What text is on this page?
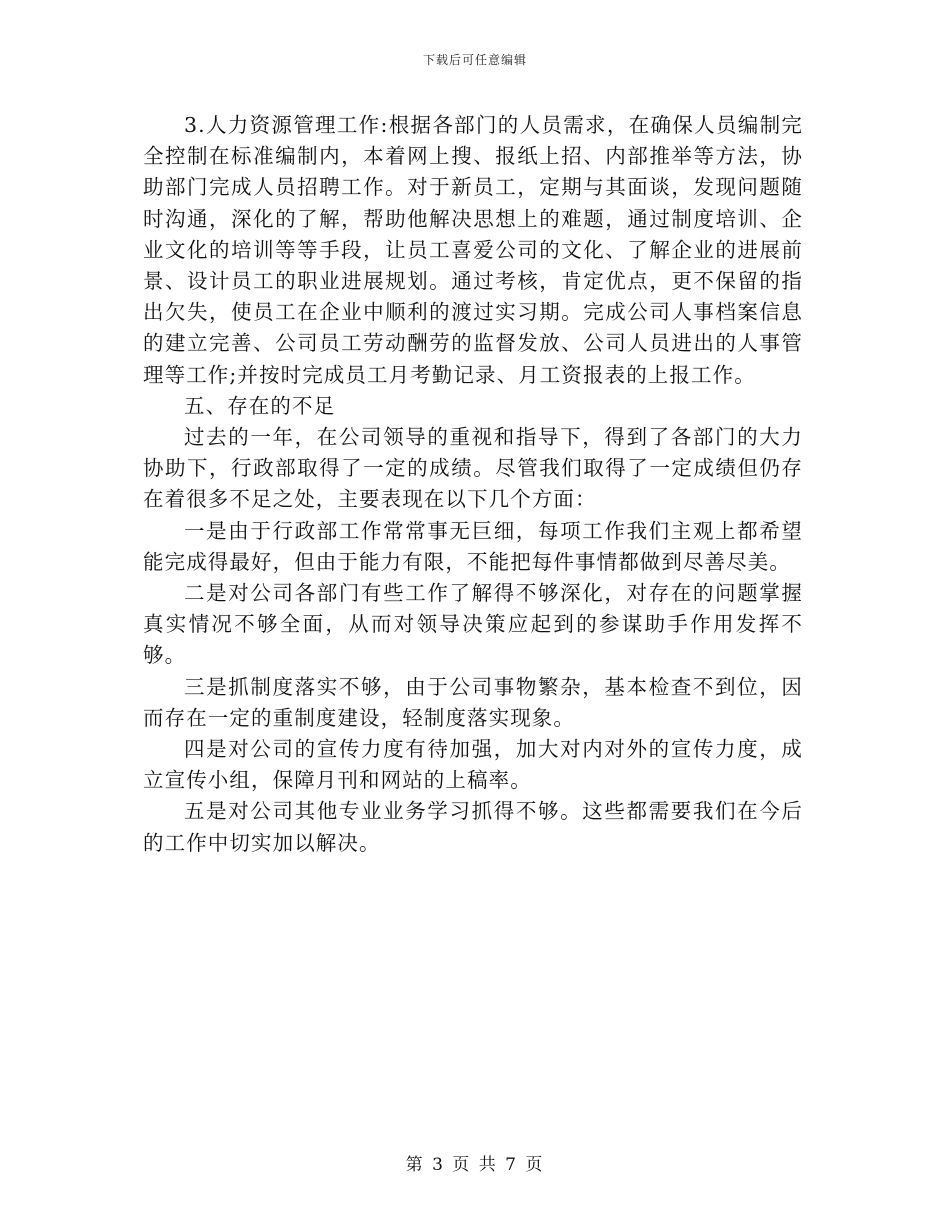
下载后可任意编辑

3.人力资源管理工作:根据各部门的人员需求，在确保人员编制完全控制在标准编制内，本着网上搜、报纸上招、内部推举等方法，协助部门完成人员招聘工作。对于新员工，定期与其面谈，发现问题随时沟通，深化的了解，帮助他解决思想上的难题，通过制度培训、企业文化的培训等等手段，让员工喜爱公司的文化、了解企业的进展前景、设计员工的职业进展规划。通过考核，肯定优点，更不保留的指出欠失，使员工在企业中顺利的渡过实习期。完成公司人事档案信息的建立完善、公司员工劳动酬劳的监督发放、公司人员进出的人事管理等工作;并按时完成员工月考勤记录、月工资报表的上报工作。

五、存在的不足

过去的一年，在公司领导的重视和指导下，得到了各部门的大力协助下，行政部取得了一定的成绩。尽管我们取得了一定成绩但仍存在着很多不足之处，主要表现在以下几个方面：

一是由于行政部工作常常事无巨细，每项工作我们主观上都希望能完成得最好，但由于能力有限，不能把每件事情都做到尽善尽美。

二是对公司各部门有些工作了解得不够深化，对存在的问题掌握真实情况不够全面，从而对领导决策应起到的参谋助手作用发挥不够。

三是抓制度落实不够，由于公司事物繁杂，基本检查不到位，因而存在一定的重制度建设，轻制度落实现象。

四是对公司的宣传力度有待加强，加大对内对外的宣传力度，成立宣传小组，保障月刊和网站的上稿率。

五是对公司其他专业业务学习抓得不够。这些都需要我们在今后的工作中切实加以解决。

第 3 页 共 7 页
